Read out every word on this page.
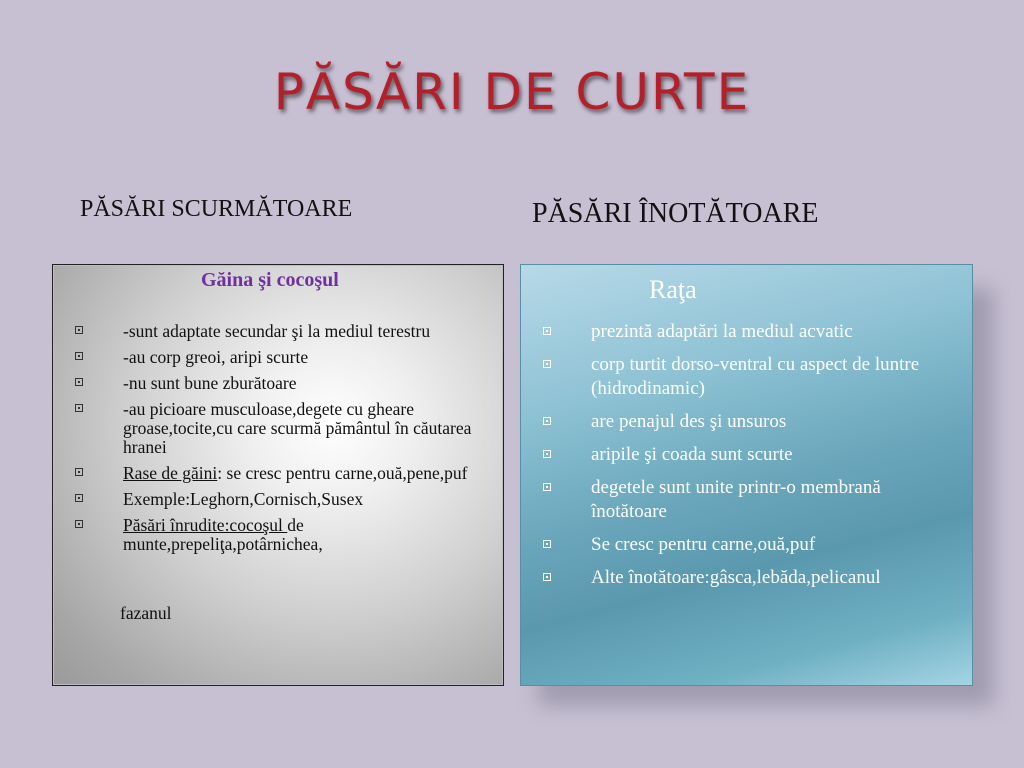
PĂSĂRI DE CURTE
PĂSĂRI SCURMĂTOARE	PĂSĂRI ÎNOTĂTOARE

Găina şi cocoşul

-sunt adaptate secundar şi la mediul terestru
-au corp greoi, aripi scurte
-nu sunt bune zburătoare
-au picioare musculoase,degete cu gheare groase,tocite,cu care scurmă pământul în căutarea hranei
Rase de găini: se cresc pentru carne,ouă,pene,puf
Exemple:Leghorn,Cornisch,Susex
Păsări înrudite:cocoşul de munte,prepeliţa,potârnichea,

fazanul

Raţa

prezintă adaptări la mediul acvatic
corp turtit dorso-ventral cu aspect de luntre (hidrodinamic)
are penajul des şi unsuros
aripile şi coada sunt scurte
degetele sunt unite printr-o membrană înotătoare
Se cresc pentru carne,ouă,puf
Alte înotătoare:gâsca,lebăda,pelicanul
